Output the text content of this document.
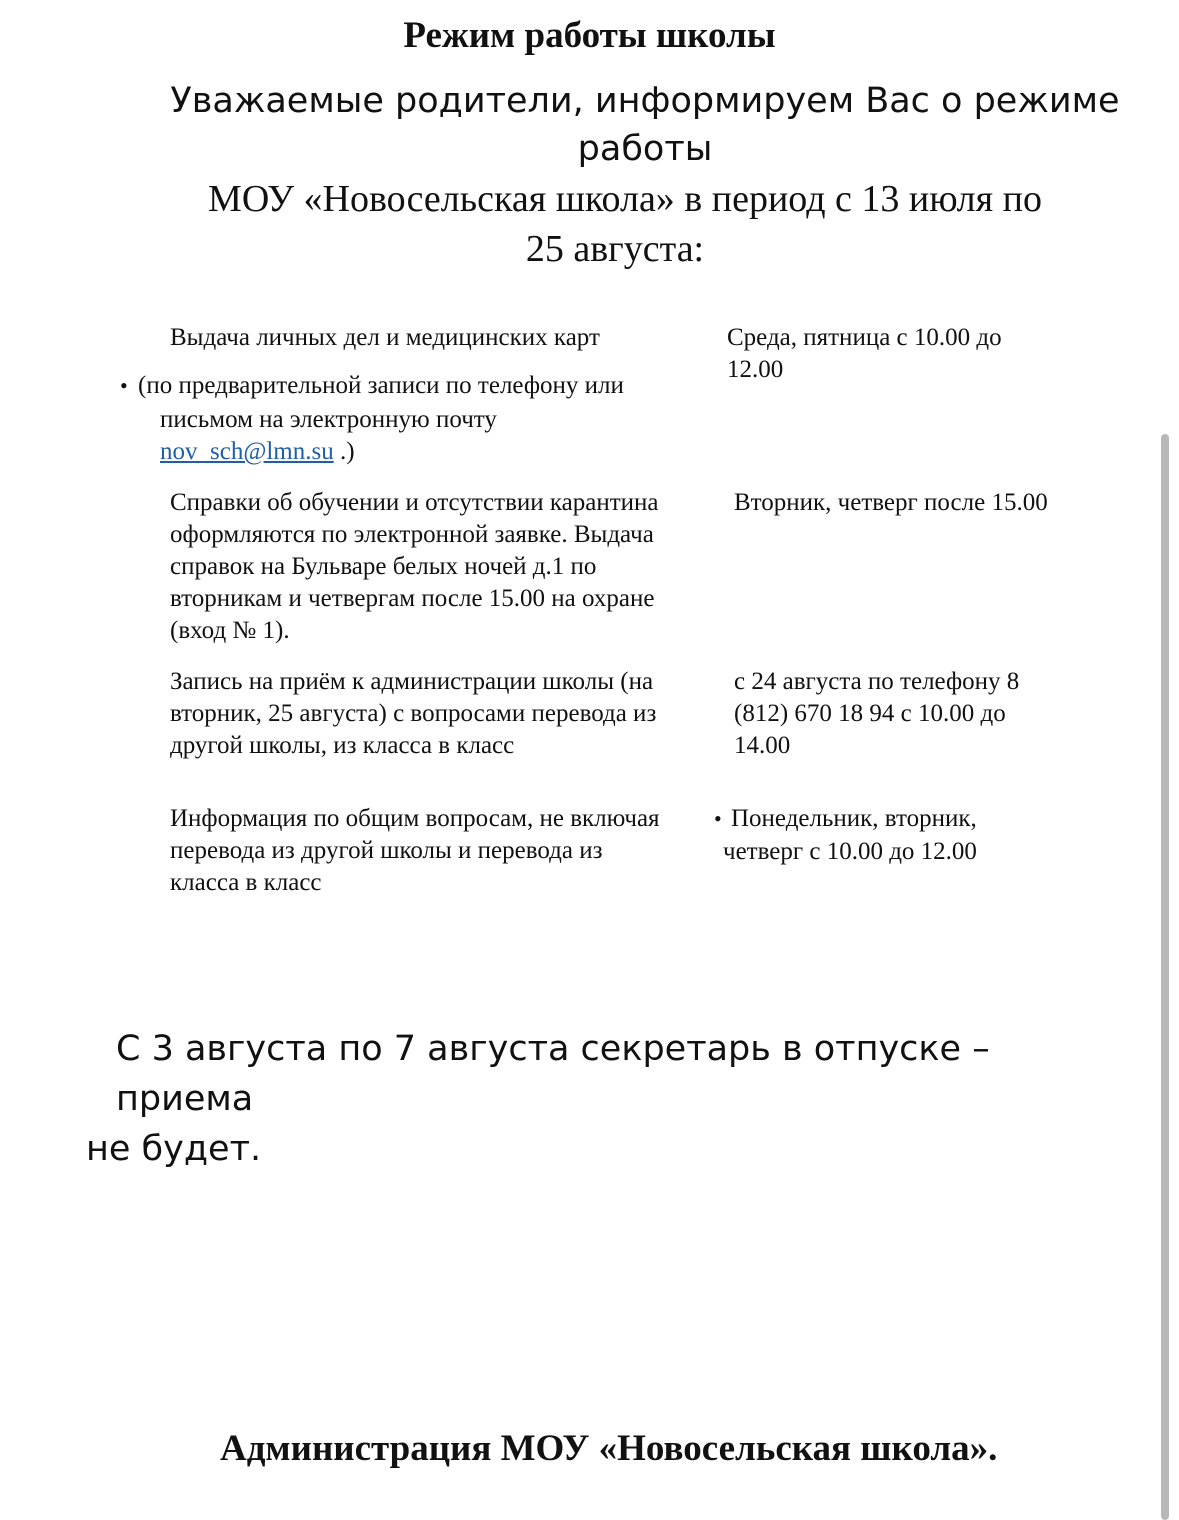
Режим работы школы
Уважаемые родители, информируем Вас о режиме
работы
МОУ «Новосельская школа» в период с 13 июля по
25 августа:
Выдача личных дел и медицинских карт
• (по предварительной записи по телефону или
письмом на электронную почту
nov_sch@lmn.su .)
Среда, пятница с 10.00 до
12.00
Справки об обучении и отсутствии карантина
оформляются по электронной заявке. Выдача
справок на Бульваре белых ночей д.1 по
вторникам и четвергам после 15.00 на охране
(вход № 1).
Вторник, четверг после 15.00
Запись на приём к администрации школы (на
вторник, 25 августа) с вопросами перевода из
другой школы, из класса в класс
с 24 августа по телефону 8
(812) 670 18 94 с 10.00 до
14.00
Информация по общим вопросам, не включая
перевода из другой школы и перевода из
класса в класс
• Понедельник, вторник,
четверг с 10.00 до 12.00
С 3 августа по 7 августа секретарь в отпуске – приема
не будет.
Администрация МОУ «Новосельская школа».
